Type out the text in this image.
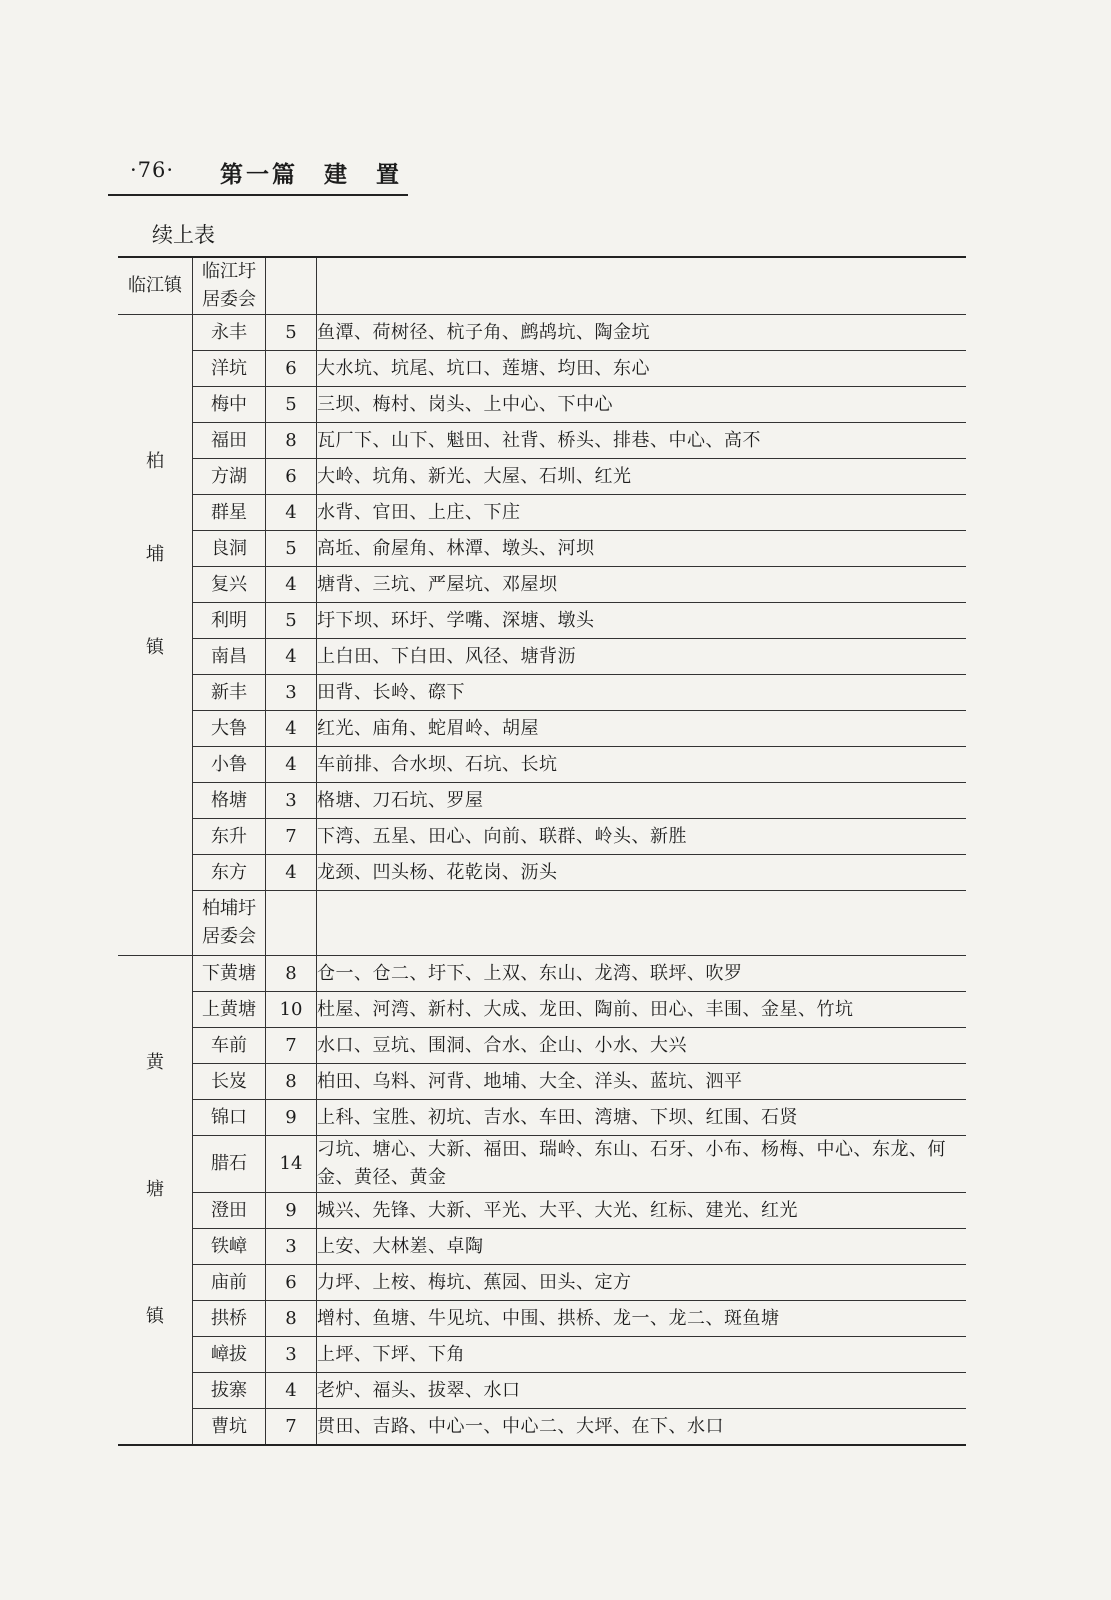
·76· 第一篇　建　置
续上表
临江镇	临江圩居委会		

柏
埔
镇	永丰	5	鱼潭、荷树径、杭子角、鹧鸪坑、陶金坑
	洋坑	6	大水坑、坑尾、坑口、莲塘、均田、东心
	梅中	5	三坝、梅村、岗头、上中心、下中心
	福田	8	瓦厂下、山下、魁田、社背、桥头、排巷、中心、高不
	方湖	6	大岭、坑角、新光、大屋、石圳、红光
	群星	4	水背、官田、上庄、下庄
	良洞	5	高坵、俞屋角、林潭、墩头、河坝
	复兴	4	塘背、三坑、严屋坑、邓屋坝
	利明	5	圩下坝、环圩、学嘴、深塘、墩头
	南昌	4	上白田、下白田、风径、塘背沥
	新丰	3	田背、长岭、磜下
	大鲁	4	红光、庙角、蛇眉岭、胡屋
	小鲁	4	车前排、合水坝、石坑、长坑
	格塘	3	格塘、刀石坑、罗屋
	东升	7	下湾、五星、田心、向前、联群、岭头、新胜
	东方	4	龙颈、凹头杨、花乾岗、沥头

	柏埔圩居委会		

黄
塘
镇	下黄塘	8	仓一、仓二、圩下、上双、东山、龙湾、联坪、吹罗
	上黄塘	10	杜屋、河湾、新村、大成、龙田、陶前、田心、丰围、金星、竹坑
	车前	7	水口、豆坑、围洞、合水、企山、小水、大兴
	长岌	8	柏田、乌料、河背、地埔、大全、洋头、蓝坑、泗平
	锦口	9	上科、宝胜、初坑、吉水、车田、湾塘、下坝、红围、石贤
	腊石	14	刁坑、塘心、大新、福田、瑞岭、东山、石牙、小布、杨梅、中心、东龙、何金、黄径、黄金
	澄田	9	城兴、先锋、大新、平光、大平、大光、红标、建光、红光
	铁嶂	3	上安、大林嵳、卓陶
	庙前	6	力坪、上桉、梅坑、蕉园、田头、定方
	拱桥	8	增村、鱼塘、牛见坑、中围、拱桥、龙一、龙二、斑鱼塘
	嶂拔	3	上坪、下坪、下角
	拔寨	4	老炉、福头、拔翠、水口
	曹坑	7	贯田、吉路、中心一、中心二、大坪、在下、水口
